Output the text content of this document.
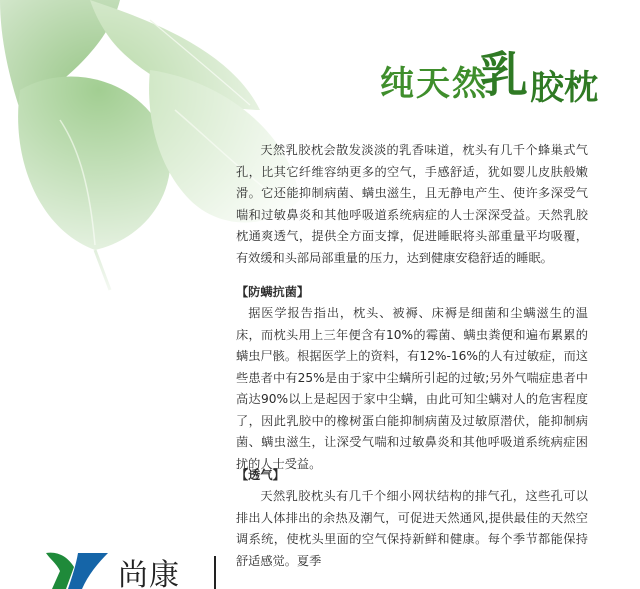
纯天然
乳 胶枕
天然乳胶枕会散发淡淡的乳香味道，枕头有几千个蜂巢式气孔，比其它纤维容纳更多的空气，手感舒适，犹如婴儿皮肤般嫩滑。它还能抑制病菌、螨虫滋生，且无静电产生、使许多深受气喘和过敏鼻炎和其他呼吸道系统病症的人士深深受益。天然乳胶枕通爽透气，提供全方面支撑，促进睡眠将头部重量平均吸覆，有效缓和头部局部重量的压力，达到健康安稳舒适的睡眠。
【防螨抗菌】
据医学报告指出，枕头、被褥、床褥是细菌和尘螨滋生的温床，而枕头用上三年便含有10%的霉菌、螨虫粪便和遍布累累的螨虫尸骸。根据医学上的资料，有12%-16%的人有过敏症，而这些患者中有25%是由于家中尘螨所引起的过敏;另外气喘症患者中高达90%以上是起因于家中尘螨，由此可知尘螨对人的危害程度了，因此乳胶中的橡树蛋白能抑制病菌及过敏原潜伏，能抑制病菌、螨虫滋生，让深受气喘和过敏鼻炎和其他呼吸道系统病症困扰的人士受益。
【透气】
天然乳胶枕头有几千个细小网状结构的排气孔，这些孔可以排出人体排出的余热及潮气，可促进天然通风,提供最佳的天然空调系统，使枕头里面的空气保持新鲜和健康。每个季节都能保持舒适感觉。夏季
尚康
